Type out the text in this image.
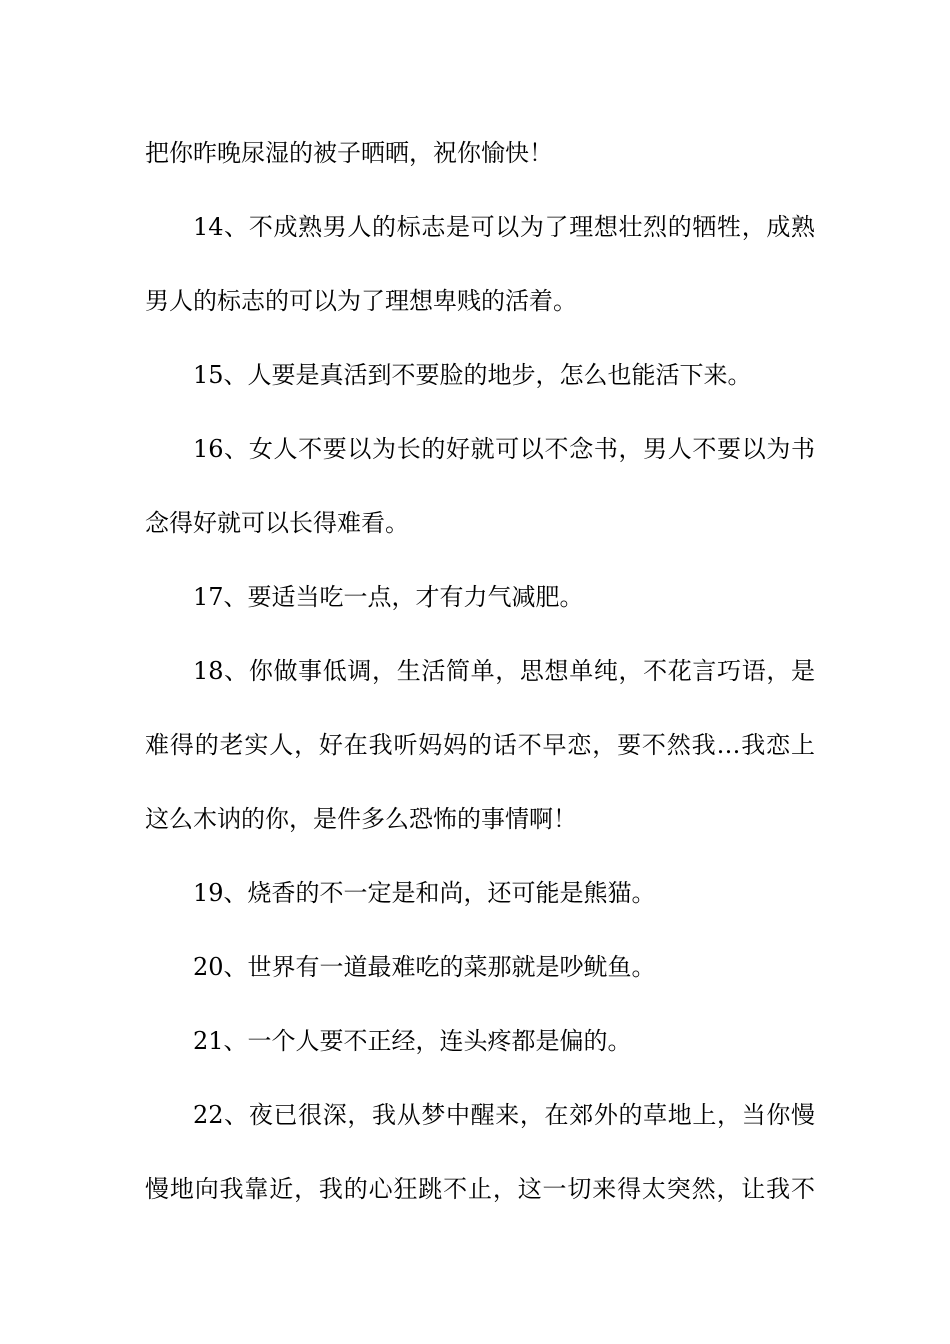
把你昨晚尿湿的被子晒晒，祝你愉快！
14、不成熟男人的标志是可以为了理想壮烈的牺牲，成熟
男人的标志的可以为了理想卑贱的活着。
15、人要是真活到不要脸的地步，怎么也能活下来。
16、女人不要以为长的好就可以不念书，男人不要以为书
念得好就可以长得难看。
17、要适当吃一点，才有力气减肥。
18、你做事低调，生活简单，思想单纯，不花言巧语，是
难得的老实人，好在我听妈妈的话不早恋，要不然我…我恋上
这么木讷的你，是件多么恐怖的事情啊！
19、烧香的不一定是和尚，还可能是熊猫。
20、世界有一道最难吃的菜那就是吵鱿鱼。
21、一个人要不正经，连头疼都是偏的。
22、夜已很深，我从梦中醒来，在郊外的草地上，当你慢
慢地向我靠近，我的心狂跳不止，这一切来得太突然，让我不
